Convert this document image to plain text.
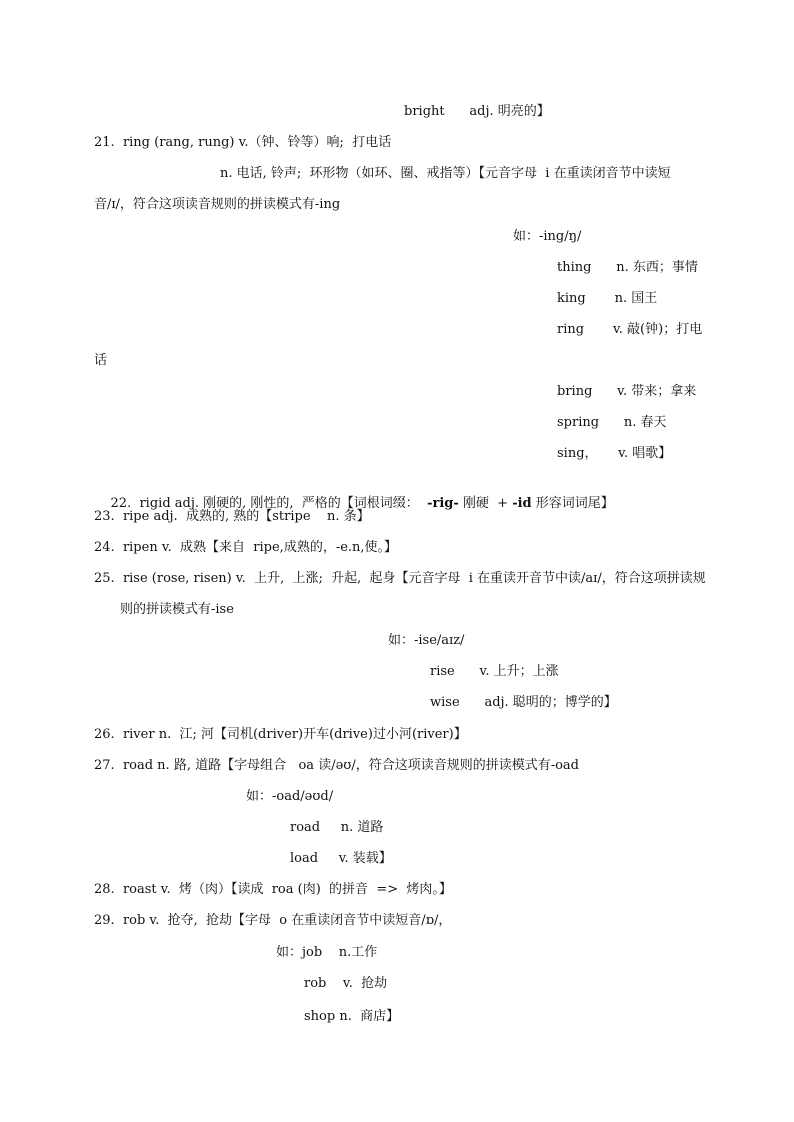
bright      adj. 明亮的】
21.  ring (rang, rung) v.（钟、铃等）响;  打电话
n. 电话, 铃声;  环形物（如环、圈、戒指等）【元音字母  i 在重读闭音节中读短
音/ɪ/，符合这项读音规则的拼读模式有-ing
如：-ing/ŋ/
thing      n. 东西；事情
king       n. 国王
ring       v. 敲(钟)；打电
话
bring      v. 带来；拿来
spring      n. 春天
sing，     v. 唱歌】

22.  rigid adj. 刚硬的, 刚性的,  严格的【词根词缀：  -rig- 刚硬  + -id 形容词词尾】

23.  ripe adj.  成熟的, 熟的【stripe    n. 条】
24.  ripen v.  成熟【来自  ripe,成熟的，-e.n,使。】
25.  rise (rose, risen) v.  上升,  上涨;  升起,  起身【元音字母  i 在重读开音节中读/aɪ/，符合这项拼读规
则的拼读模式有-ise
如：-ise/aɪz/
rise      v. 上升；上涨
wise      adj. 聪明的；博学的】
26.  river n.  江; 河【司机(driver)开车(drive)过小河(river)】
27.  road n. 路, 道路【字母组合   oa 读/əʊ/，符合这项读音规则的拼读模式有-oad
如：-oad/əʊd/
road     n. 道路
load     v. 装载】
28.  roast v.  烤（肉）【读成  roa (肉)  的拼音  =>  烤肉。】
29.  rob v.  抢夺,  抢劫【字母  o 在重读闭音节中读短音/ɒ/，
如：job    n.工作
rob    v.  抢劫
shop n.  商店】
